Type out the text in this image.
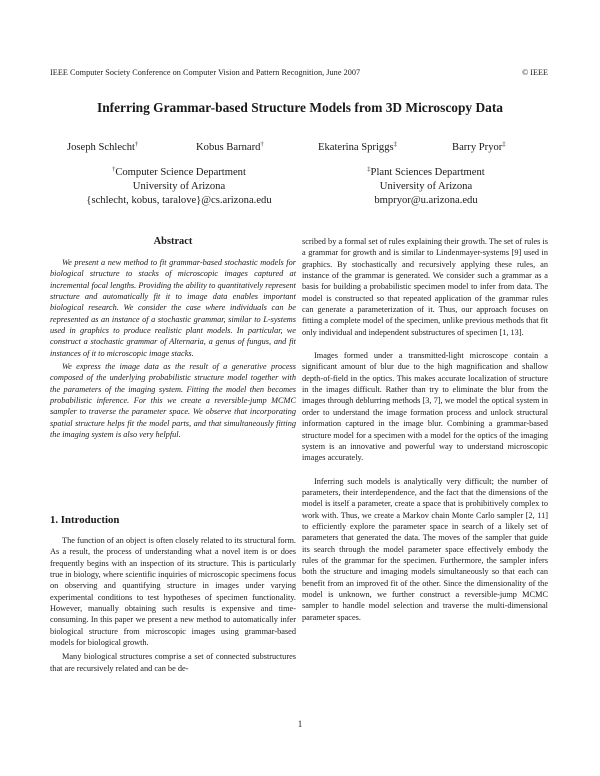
IEEE Computer Society Conference on Computer Vision and Pattern Recognition, June 2007	© IEEE
Inferring Grammar-based Structure Models from 3D Microscopy Data
Joseph Schlecht†	Kobus Barnard†	Ekaterina Spriggs‡	Barry Pryor‡
†Computer Science Department
University of Arizona
{schlecht, kobus, taralove}@cs.arizona.edu
‡Plant Sciences Department
University of Arizona
bmpryor@u.arizona.edu
Abstract

We present a new method to fit grammar-based stochastic models for biological structure to stacks of microscopic images captured at incremental focal lengths. Providing the ability to quantitatively represent structure and automatically fit it to image data enables important biological research. We consider the case where individuals can be represented as an instance of a stochastic grammar, similar to L-systems used in graphics to produce realistic plant models. In particular, we construct a stochastic grammar of Alternaria, a genus of fungus, and fit instances of it to microscopic image stacks.

We express the image data as the result of a generative process composed of the underlying probabilistic structure model together with the parameters of the imaging system. Fitting the model then becomes probabilistic inference. For this we create a reversible-jump MCMC sampler to traverse the parameter space. We observe that incorporating spatial structure helps fit the model parts, and that simultaneously fitting the imaging system is also very helpful.

1. Introduction

The function of an object is often closely related to its structural form. As a result, the process of understanding what a novel item is or does frequently begins with an inspection of its structure. This is particularly true in biology, where scientific inquiries of microscopic specimens focus on observing and quantifying structure in images under varying experimental conditions to test hypotheses of specimen functionality. However, manually obtaining such results is expensive and time-consuming. In this paper we present a new method to automatically infer biological structure from microscopic images using grammar-based models for biological growth.

Many biological structures comprise a set of connected substructures that are recursively related and can be de-

scribed by a formal set of rules explaining their growth. The set of rules is a grammar for growth and is similar to Lindenmayer-systems [9] used in graphics. By stochastically and recursively applying these rules, an instance of the grammar is generated. We consider such a grammar as a basis for building a probabilistic specimen model to infer from data. The model is constructed so that repeated application of the grammar rules can generate a parameterization of it. Thus, our approach focuses on fitting a complete model of the specimen, unlike previous methods that fit only individual and independent substructures of specimen [1, 13].

Images formed under a transmitted-light microscope contain a significant amount of blur due to the high magnification and shallow depth-of-field in the optics. This makes accurate localization of structure in the images difficult. Rather than try to eliminate the blur from the images through deblurring methods [3, 7], we model the optical system in order to understand the image formation process and unlock structural information captured in the image blur. Combining a grammar-based structure model for a specimen with a model for the optics of the imaging system is an innovative and powerful way to understand microscopic images accurately.

Inferring such models is analytically very difficult; the number of parameters, their interdependence, and the fact that the dimensions of the model is itself a parameter, create a space that is prohibitively complex to work with. Thus, we create a Markov chain Monte Carlo sampler [2, 11] to efficiently explore the parameter space in search of a likely set of parameters that generated the data. The moves of the sampler that guide its search through the model parameter space effectively embody the rules of the grammar for the specimen. Furthermore, the sampler infers both the structure and imaging models simultaneously so that each can benefit from an improved fit of the other. Since the dimensionality of the model is unknown, we further construct a reversible-jump MCMC sampler to handle model selection and traverse the multi-dimensional parameter spaces.

1
